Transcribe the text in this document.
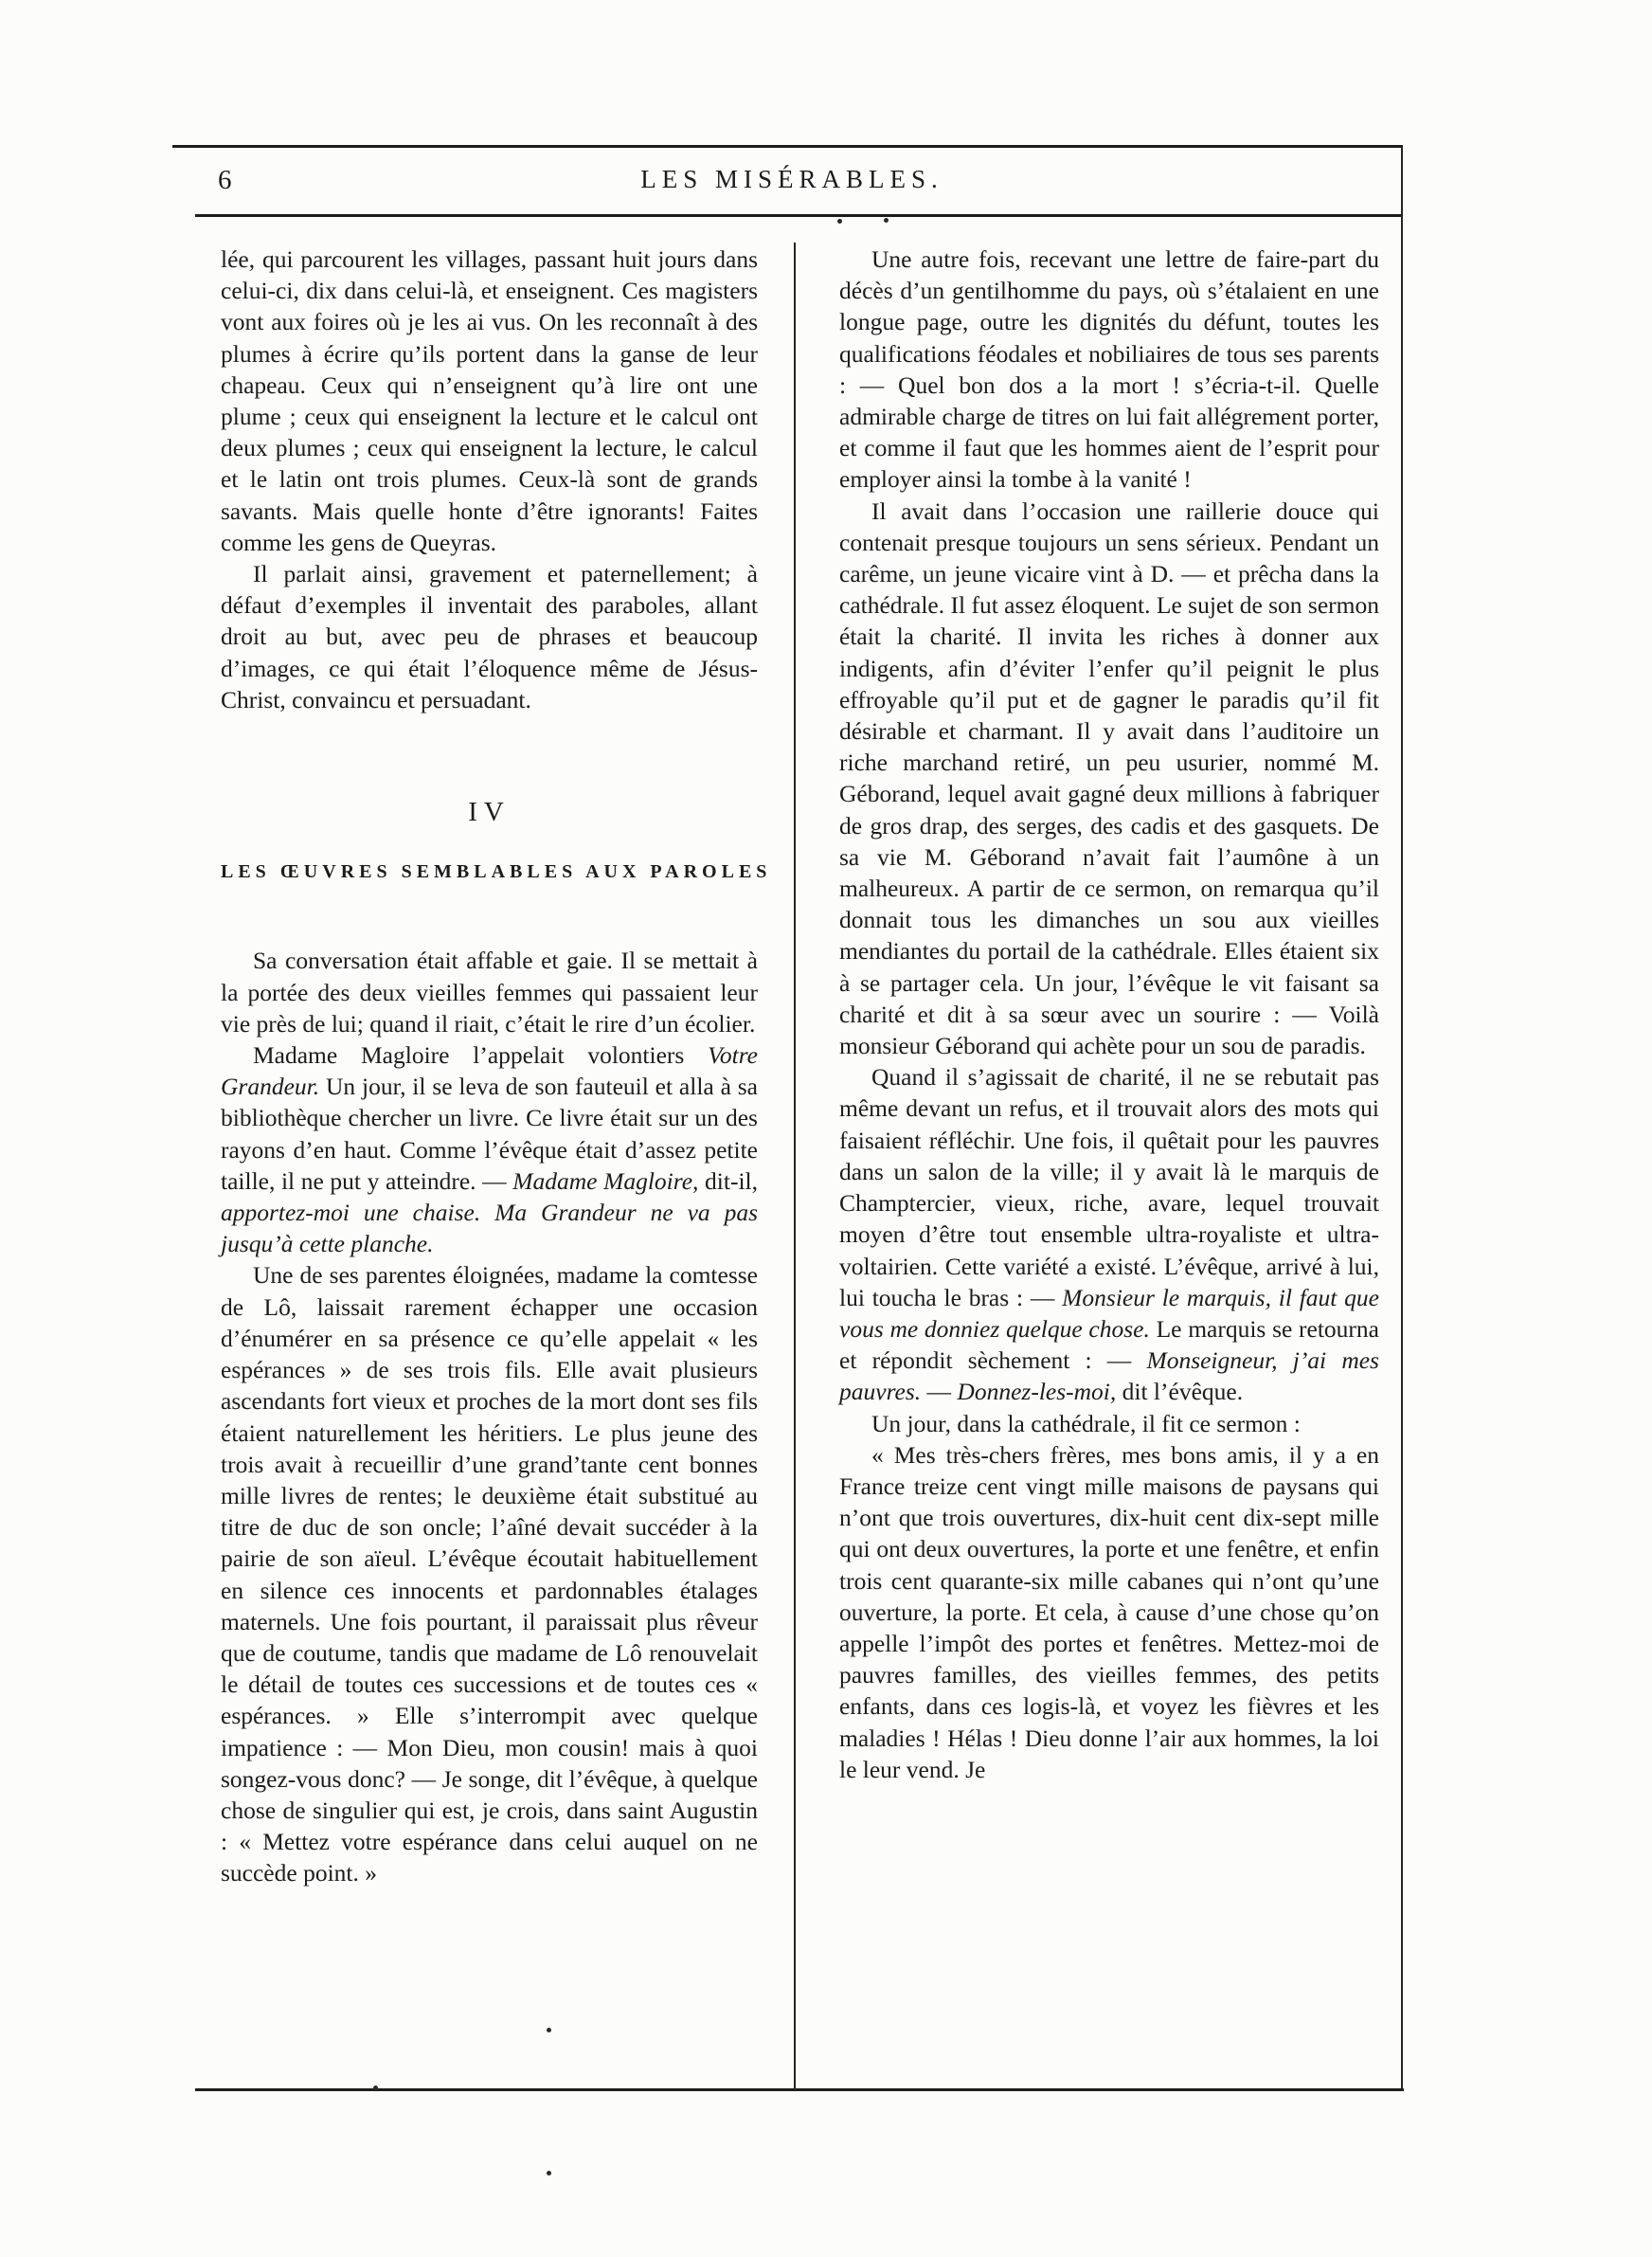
6	LES MISÉRABLES.

lée, qui parcourent les villages, passant huit jours dans celui-ci, dix dans celui-là, et enseignent. Ces magisters vont aux foires où je les ai vus. On les reconnaît à des plumes à écrire qu’ils portent dans la ganse de leur chapeau. Ceux qui n’enseignent qu’à lire ont une plume ; ceux qui enseignent la lecture et le calcul ont deux plumes ; ceux qui enseignent la lecture, le calcul et le latin ont trois plumes. Ceux-là sont de grands savants. Mais quelle honte d’être ignorants! Faites comme les gens de Queyras.

Il parlait ainsi, gravement et paternellement; à défaut d’exemples il inventait des paraboles, allant droit au but, avec peu de phrases et beaucoup d’images, ce qui était l’éloquence même de Jésus-Christ, convaincu et persuadant.

IV
LES ŒUVRES SEMBLABLES AUX PAROLES

Sa conversation était affable et gaie. Il se mettait à la portée des deux vieilles femmes qui passaient leur vie près de lui; quand il riait, c’était le rire d’un écolier.

Madame Magloire l’appelait volontiers Votre Grandeur. Un jour, il se leva de son fauteuil et alla à sa bibliothèque chercher un livre. Ce livre était sur un des rayons d’en haut. Comme l’évêque était d’assez petite taille, il ne put y atteindre. — Madame Magloire, dit-il, apportez-moi une chaise. Ma Grandeur ne va pas jusqu’à cette planche.

Une de ses parentes éloignées, madame la comtesse de Lô, laissait rarement échapper une occasion d’énumérer en sa présence ce qu’elle appelait « les espérances » de ses trois fils. Elle avait plusieurs ascendants fort vieux et proches de la mort dont ses fils étaient naturellement les héritiers. Le plus jeune des trois avait à recueillir d’une grand’tante cent bonnes mille livres de rentes; le deuxième était substitué au titre de duc de son oncle; l’aîné devait succéder à la pairie de son aïeul. L’évêque écoutait habituellement en silence ces innocents et pardonnables étalages maternels. Une fois pourtant, il paraissait plus rêveur que de coutume, tandis que madame de Lô renouvelait le détail de toutes ces successions et de toutes ces « espérances. » Elle s’interrompit avec quelque impatience : — Mon Dieu, mon cousin! mais à quoi songez-vous donc? — Je songe, dit l’évêque, à quelque chose de singulier qui est, je crois, dans saint Augustin : « Mettez votre espérance dans celui auquel on ne succède point. »

Une autre fois, recevant une lettre de faire-part du décès d’un gentilhomme du pays, où s’étalaient en une longue page, outre les dignités du défunt, toutes les qualifications féodales et nobiliaires de tous ses parents : — Quel bon dos a la mort ! s’écria-t-il. Quelle admirable charge de titres on lui fait allégrement porter, et comme il faut que les hommes aient de l’esprit pour employer ainsi la tombe à la vanité !

Il avait dans l’occasion une raillerie douce qui contenait presque toujours un sens sérieux. Pendant un carême, un jeune vicaire vint à D. — et prêcha dans la cathédrale. Il fut assez éloquent. Le sujet de son sermon était la charité. Il invita les riches à donner aux indigents, afin d’éviter l’enfer qu’il peignit le plus effroyable qu’il put et de gagner le paradis qu’il fit désirable et charmant. Il y avait dans l’auditoire un riche marchand retiré, un peu usurier, nommé M. Géborand, lequel avait gagné deux millions à fabriquer de gros drap, des serges, des cadis et des gasquets. De sa vie M. Géborand n’avait fait l’aumône à un malheureux. A partir de ce sermon, on remarqua qu’il donnait tous les dimanches un sou aux vieilles mendiantes du portail de la cathédrale. Elles étaient six à se partager cela. Un jour, l’évêque le vit faisant sa charité et dit à sa sœur avec un sourire : — Voilà monsieur Géborand qui achète pour un sou de paradis.

Quand il s’agissait de charité, il ne se rebutait pas même devant un refus, et il trouvait alors des mots qui faisaient réfléchir. Une fois, il quêtait pour les pauvres dans un salon de la ville; il y avait là le marquis de Champtercier, vieux, riche, avare, lequel trouvait moyen d’être tout ensemble ultra-royaliste et ultra-voltairien. Cette variété a existé. L’évêque, arrivé à lui, lui toucha le bras : — Monsieur le marquis, il faut que vous me donniez quelque chose. Le marquis se retourna et répondit sèchement : — Monseigneur, j’ai mes pauvres. — Donnez-les-moi, dit l’évêque.

Un jour, dans la cathédrale, il fit ce sermon :

« Mes très-chers frères, mes bons amis, il y a en France treize cent vingt mille maisons de paysans qui n’ont que trois ouvertures, dix-huit cent dix-sept mille qui ont deux ouvertures, la porte et une fenêtre, et enfin trois cent quarante-six mille cabanes qui n’ont qu’une ouverture, la porte. Et cela, à cause d’une chose qu’on appelle l’impôt des portes et fenêtres. Mettez-moi de pauvres familles, des vieilles femmes, des petits enfants, dans ces logis-là, et voyez les fièvres et les maladies ! Hélas ! Dieu donne l’air aux hommes, la loi le leur vend. Je
